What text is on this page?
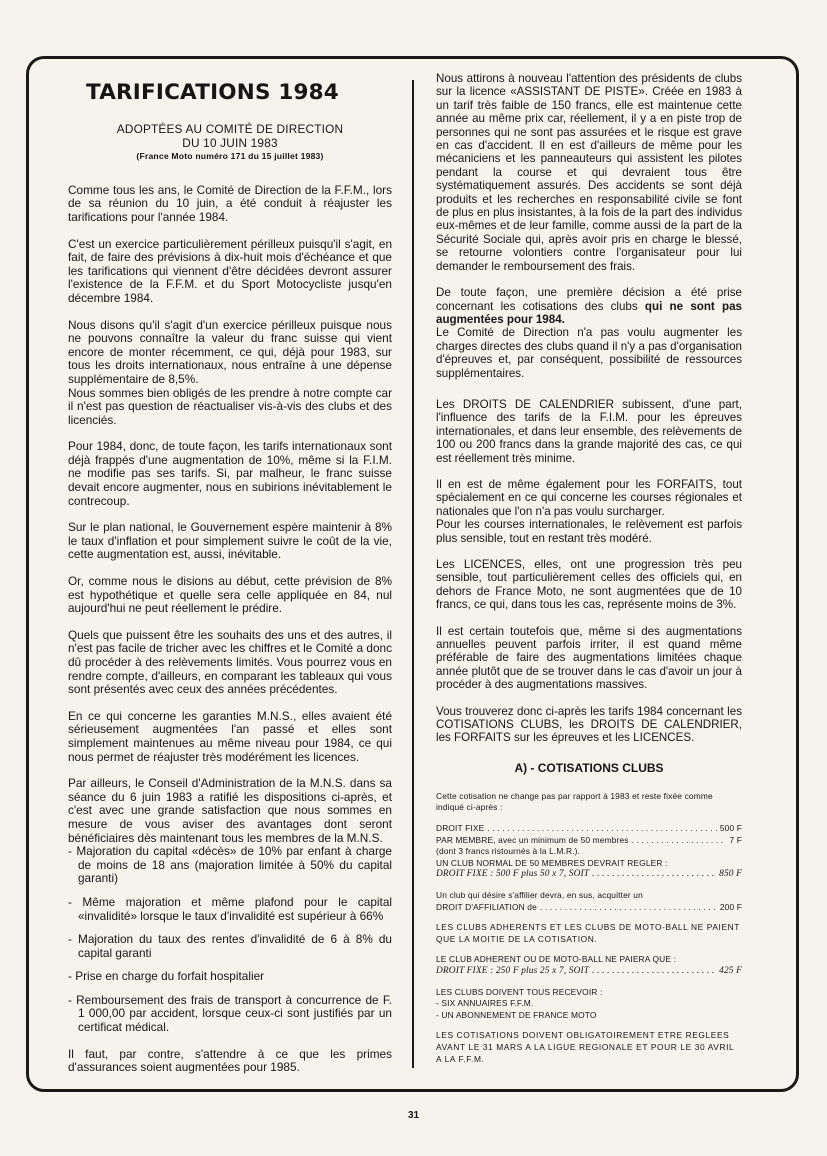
TARIFICATIONS 1984
ADOPTÉES AU COMITÉ DE DIRECTION
DU 10 JUIN 1983
(France Moto numéro 171 du 15 juillet 1983)

Comme tous les ans, le Comité de Direction de la F.F.M., lors de sa réunion du 10 juin, a été conduit à réajuster les tarifications pour l'année 1984.

C'est un exercice particulièrement périlleux puisqu'il s'agit, en fait, de faire des prévisions à dix-huit mois d'échéance et que les tarifications qui viennent d'être décidées devront assurer l'existence de la F.F.M. et du Sport Motocycliste jusqu'en décembre 1984.

Nous disons qu'il s'agit d'un exercice périlleux puisque nous ne pouvons connaître la valeur du franc suisse qui vient encore de monter récemment, ce qui, déjà pour 1983, sur tous les droits internationaux, nous entraîne à une dépense supplémentaire de 8,5%.
Nous sommes bien obligés de les prendre à notre compte car il n'est pas question de réactualiser vis-à-vis des clubs et des licenciés.

Pour 1984, donc, de toute façon, les tarifs internationaux sont déjà frappés d'une augmentation de 10%, même si la F.I.M. ne modifie pas ses tarifs. Si, par malheur, le franc suisse devait encore augmenter, nous en subirions inévitablement le contrecoup.

Sur le plan national, le Gouvernement espère maintenir à 8% le taux d'inflation et pour simplement suivre le coût de la vie, cette augmentation est, aussi, inévitable.

Or, comme nous le disions au début, cette prévision de 8% est hypothétique et quelle sera celle appliquée en 84, nul aujourd'hui ne peut réellement le prédire.

Quels que puissent être les souhaits des uns et des autres, il n'est pas facile de tricher avec les chiffres et le Comité a donc dû procéder à des relèvements limités. Vous pourrez vous en rendre compte, d'ailleurs, en comparant les tableaux qui vous sont présentés avec ceux des années précédentes.

En ce qui concerne les garanties M.N.S., elles avaient été sérieusement augmentées l'an passé et elles sont simplement maintenues au même niveau pour 1984, ce qui nous permet de réajuster très modérément les licences.

Par ailleurs, le Conseil d'Administration de la M.N.S. dans sa séance du 6 juin 1983 a ratifié les dispositions ci-après, et c'est avec une grande satisfaction que nous sommes en mesure de vous aviser des avantages dont seront bénéficiaires dès maintenant tous les membres de la M.N.S.
- Majoration du capital «décès» de 10% par enfant à charge de moins de 18 ans (majoration limitée à 50% du capital garanti)
- Même majoration et même plafond pour le capital «invalidité» lorsque le taux d'invalidité est supérieur à 66%
- Majoration du taux des rentes d'invalidité de 6 à 8% du capital garanti
- Prise en charge du forfait hospitalier
- Remboursement des frais de transport à concurrence de F. 1 000,00 par accident, lorsque ceux-ci sont justifiés par un certificat médical.

Il faut, par contre, s'attendre à ce que les primes d'assurances soient augmentées pour 1985.

Nous attirons à nouveau l'attention des présidents de clubs sur la licence «ASSISTANT DE PISTE». Créée en 1983 à un tarif très faible de 150 francs, elle est maintenue cette année au même prix car, réellement, il y a en piste trop de personnes qui ne sont pas assurées et le risque est grave en cas d'accident. Il en est d'ailleurs de même pour les mécaniciens et les panneauteurs qui assistent les pilotes pendant la course et qui devraient tous être systématiquement assurés. Des accidents se sont déjà produits et les recherches en responsabilité civile se font de plus en plus insistantes, à la fois de la part des individus eux-mêmes et de leur famille, comme aussi de la part de la Sécurité Sociale qui, après avoir pris en charge le blessé, se retourne volontiers contre l'organisateur pour lui demander le remboursement des frais.

De toute façon, une première décision a été prise concernant les cotisations des clubs qui ne sont pas augmentées pour 1984.
Le Comité de Direction n'a pas voulu augmenter les charges directes des clubs quand il n'y a pas d'organisation d'épreuves et, par conséquent, possibilité de ressources supplémentaires.

Les DROITS DE CALENDRIER subissent, d'une part, l'influence des tarifs de la F.I.M. pour les épreuves internationales, et dans leur ensemble, des relèvements de 100 ou 200 francs dans la grande majorité des cas, ce qui est réellement très minime.

Il en est de même également pour les FORFAITS, tout spécialement en ce qui concerne les courses régionales et nationales que l'on n'a pas voulu surcharger.
Pour les courses internationales, le relèvement est parfois plus sensible, tout en restant très modéré.

Les LICENCES, elles, ont une progression très peu sensible, tout particulièrement celles des officiels qui, en dehors de France Moto, ne sont augmentées que de 10 francs, ce qui, dans tous les cas, représente moins de 3%.

Il est certain toutefois que, même si des augmentations annuelles peuvent parfois irriter, il est quand même préférable de faire des augmentations limitées chaque année plutôt que de se trouver dans le cas d'avoir un jour à procéder à des augmentations massives.

Vous trouverez donc ci-après les tarifs 1984 concernant les COTISATIONS CLUBS, les DROITS DE CALENDRIER, les FORFAITS sur les épreuves et les LICENCES.

A) - COTISATIONS CLUBS
Cette cotisation ne change pas par rapport à 1983 et reste fixée comme indiqué ci-après :
DROIT FIXE . . .	500 F
PAR MEMBRE, avec un minimum de 50 membres . . .	7 F
(dont 3 francs ristournés à la L.M.R.).
UN CLUB NORMAL DE 50 MEMBRES DEVRAIT REGLER :
DROIT FIXE : 500 F plus 50 x 7, SOIT . . .	850 F
Un club qui désire s'affilier devra, en sus, acquitter un
DROIT D'AFFILIATION de . . .	200 F
LES CLUBS ADHERENTS ET LES CLUBS DE MOTO-BALL NE PAIENT QUE LA MOITIE DE LA COTISATION.
LE CLUB ADHERENT OU DE MOTO-BALL NE PAIERA QUE :
DROIT FIXE : 250 F plus 25 x 7, SOIT . . .	425 F
LES CLUBS DOIVENT TOUS RECEVOIR :
- SIX ANNUAIRES F.F.M.
- UN ABONNEMENT DE FRANCE MOTO
LES COTISATIONS DOIVENT OBLIGATOIREMENT ETRE REGLEES AVANT LE 31 MARS A LA LIGUE REGIONALE ET POUR LE 30 AVRIL A LA F.F.M.
31
